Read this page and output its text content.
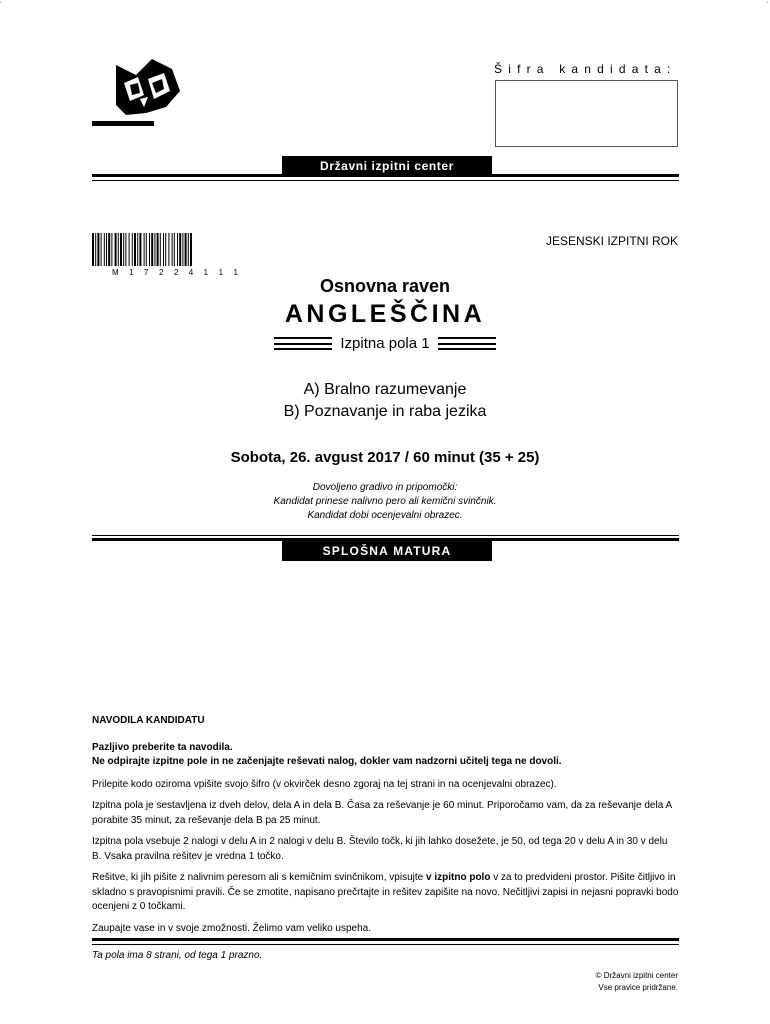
'	'
Šifra kandidata:
Državni izpitni center
M 1 7 2 2 4 1 1 1
JESENSKI IZPITNI ROK
Osnovna raven
ANGLEŠČINA
Izpitna pola 1
A) Bralno razumevanje
B) Poznavanje in raba jezika
Sobota, 26. avgust 2017 / 60 minut (35 + 25)
Dovoljeno gradivo in pripomočki:
Kandidat prinese nalivno pero ali kemični svinčnik.
Kandidat dobi ocenjevalni obrazec.
SPLOŠNA MATURA

NAVODILA KANDIDATU

Pazljivo preberite ta navodila.
Ne odpirajte izpitne pole in ne začenjajte reševati nalog, dokler vam nadzorni učitelj tega ne dovoli.

Prilepite kodo oziroma vpišite svojo šifro (v okvirček desno zgoraj na tej strani in na ocenjevalni obrazec).

Izpitna pola je sestavljena iz dveh delov, dela A in dela B. Časa za reševanje je 60 minut. Priporočamo vam, da za reševanje dela A porabite 35 minut, za reševanje dela B pa 25 minut.

Izpitna pola vsebuje 2 nalogi v delu A in 2 nalogi v delu B. Število točk, ki jih lahko dosežete, je 50, od tega 20 v delu A in 30 v delu B. Vsaka pravilna rešitev je vredna 1 točko.

Rešitve, ki jih pišite z nalivnim peresom ali s kemičnim svinčnikom, vpisujte v izpitno polo v za to predvideni prostor. Pišite čitljivo in skladno s pravopisnimi pravili. Če se zmotite, napisano prečrtajte in rešitev zapišite na novo. Nečitljivi zapisi in nejasni popravki bodo ocenjeni z 0 točkami.

Zaupajte vase in v svoje zmožnosti. Želimo vam veliko uspeha.

Ta pola ima 8 strani, od tega 1 prazno.
© Državni izpitni center
Vse pravice pridržane.
